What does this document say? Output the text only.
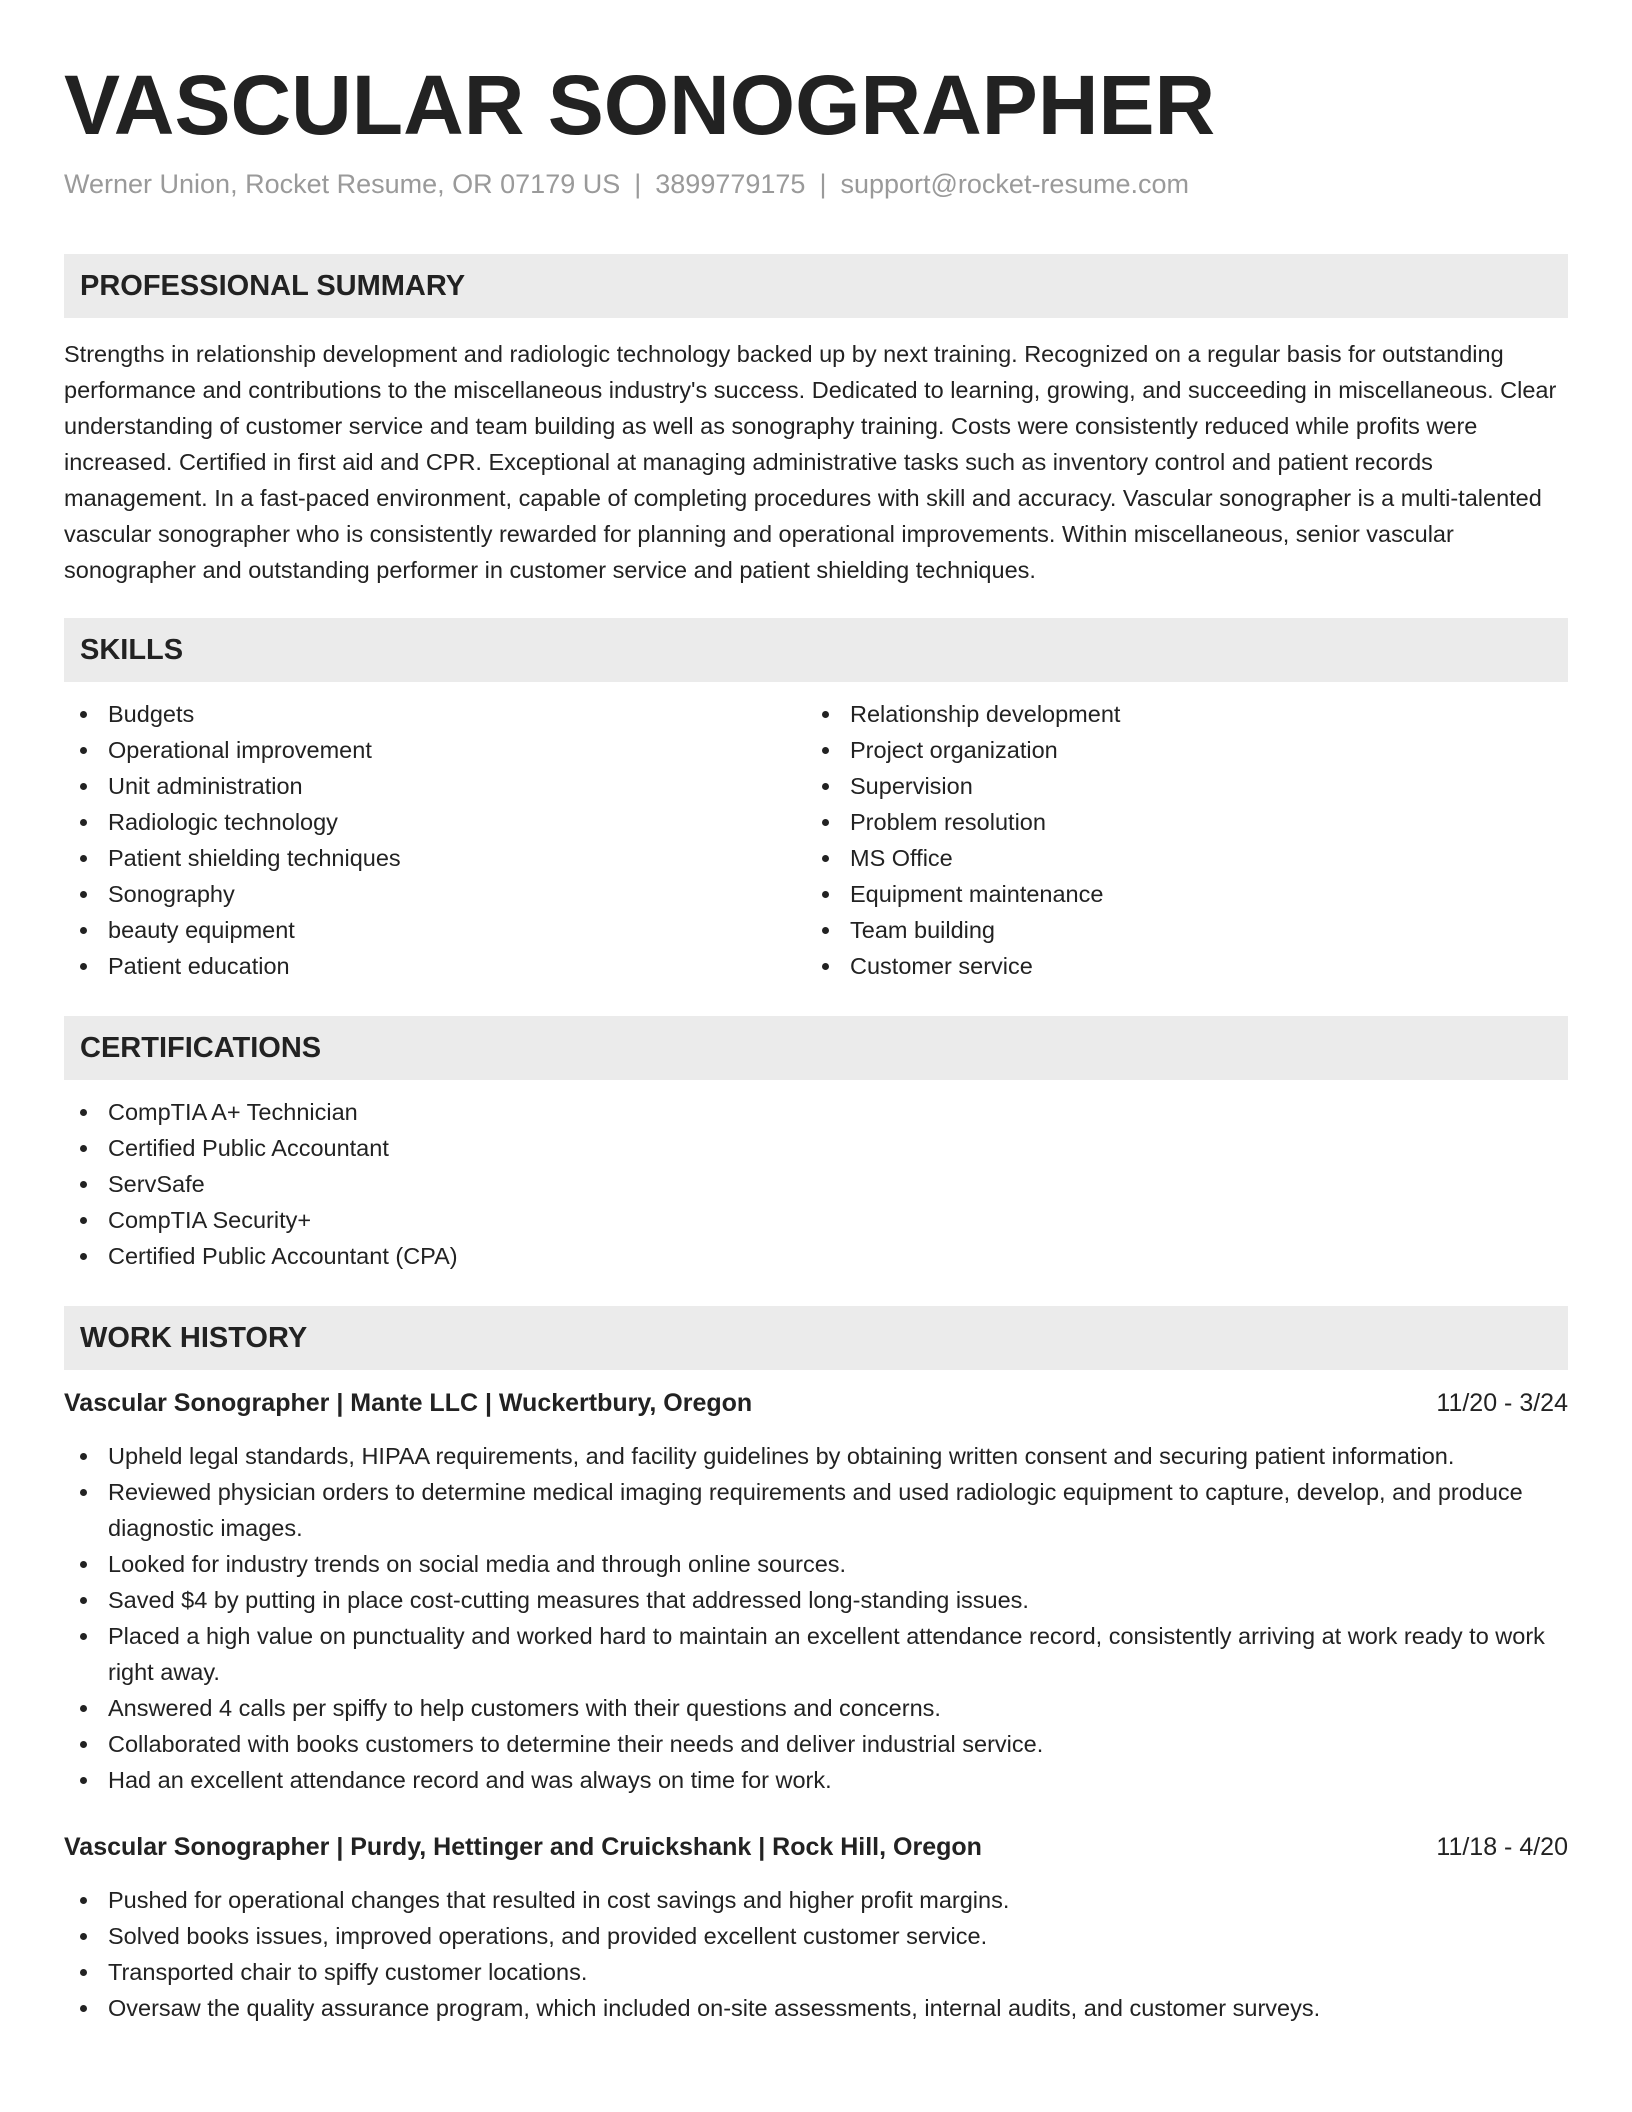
VASCULAR SONOGRAPHER
Werner Union, Rocket Resume, OR 07179 US | 3899779175 | support@rocket-resume.com
PROFESSIONAL SUMMARY

Strengths in relationship development and radiologic technology backed up by next training. Recognized on a regular basis for outstanding performance and contributions to the miscellaneous industry's success. Dedicated to learning, growing, and succeeding in miscellaneous. Clear understanding of customer service and team building as well as sonography training. Costs were consistently reduced while profits were increased. Certified in first aid and CPR. Exceptional at managing administrative tasks such as inventory control and patient records management. In a fast-paced environment, capable of completing procedures with skill and accuracy. Vascular sonographer is a multi-talented vascular sonographer who is consistently rewarded for planning and operational improvements. Within miscellaneous, senior vascular sonographer and outstanding performer in customer service and patient shielding techniques.

SKILLS
Budgets
Operational improvement
Unit administration
Radiologic technology
Patient shielding techniques
Sonography
beauty equipment
Patient education
Relationship development
Project organization
Supervision
Problem resolution
MS Office
Equipment maintenance
Team building
Customer service
CERTIFICATIONS
CompTIA A+ Technician
Certified Public Accountant
ServSafe
CompTIA Security+
Certified Public Accountant (CPA)
WORK HISTORY
Vascular Sonographer | Mante LLC | Wuckertbury, Oregon	11/20 - 3/24
Upheld legal standards, HIPAA requirements, and facility guidelines by obtaining written consent and securing patient information.
Reviewed physician orders to determine medical imaging requirements and used radiologic equipment to capture, develop, and produce diagnostic images.
Looked for industry trends on social media and through online sources.
Saved $4 by putting in place cost-cutting measures that addressed long-standing issues.
Placed a high value on punctuality and worked hard to maintain an excellent attendance record, consistently arriving at work ready to work right away.
Answered 4 calls per spiffy to help customers with their questions and concerns.
Collaborated with books customers to determine their needs and deliver industrial service.
Had an excellent attendance record and was always on time for work.
Vascular Sonographer | Purdy, Hettinger and Cruickshank | Rock Hill, Oregon	11/18 - 4/20
Pushed for operational changes that resulted in cost savings and higher profit margins.
Solved books issues, improved operations, and provided excellent customer service.
Transported chair to spiffy customer locations.
Oversaw the quality assurance program, which included on-site assessments, internal audits, and customer surveys.
